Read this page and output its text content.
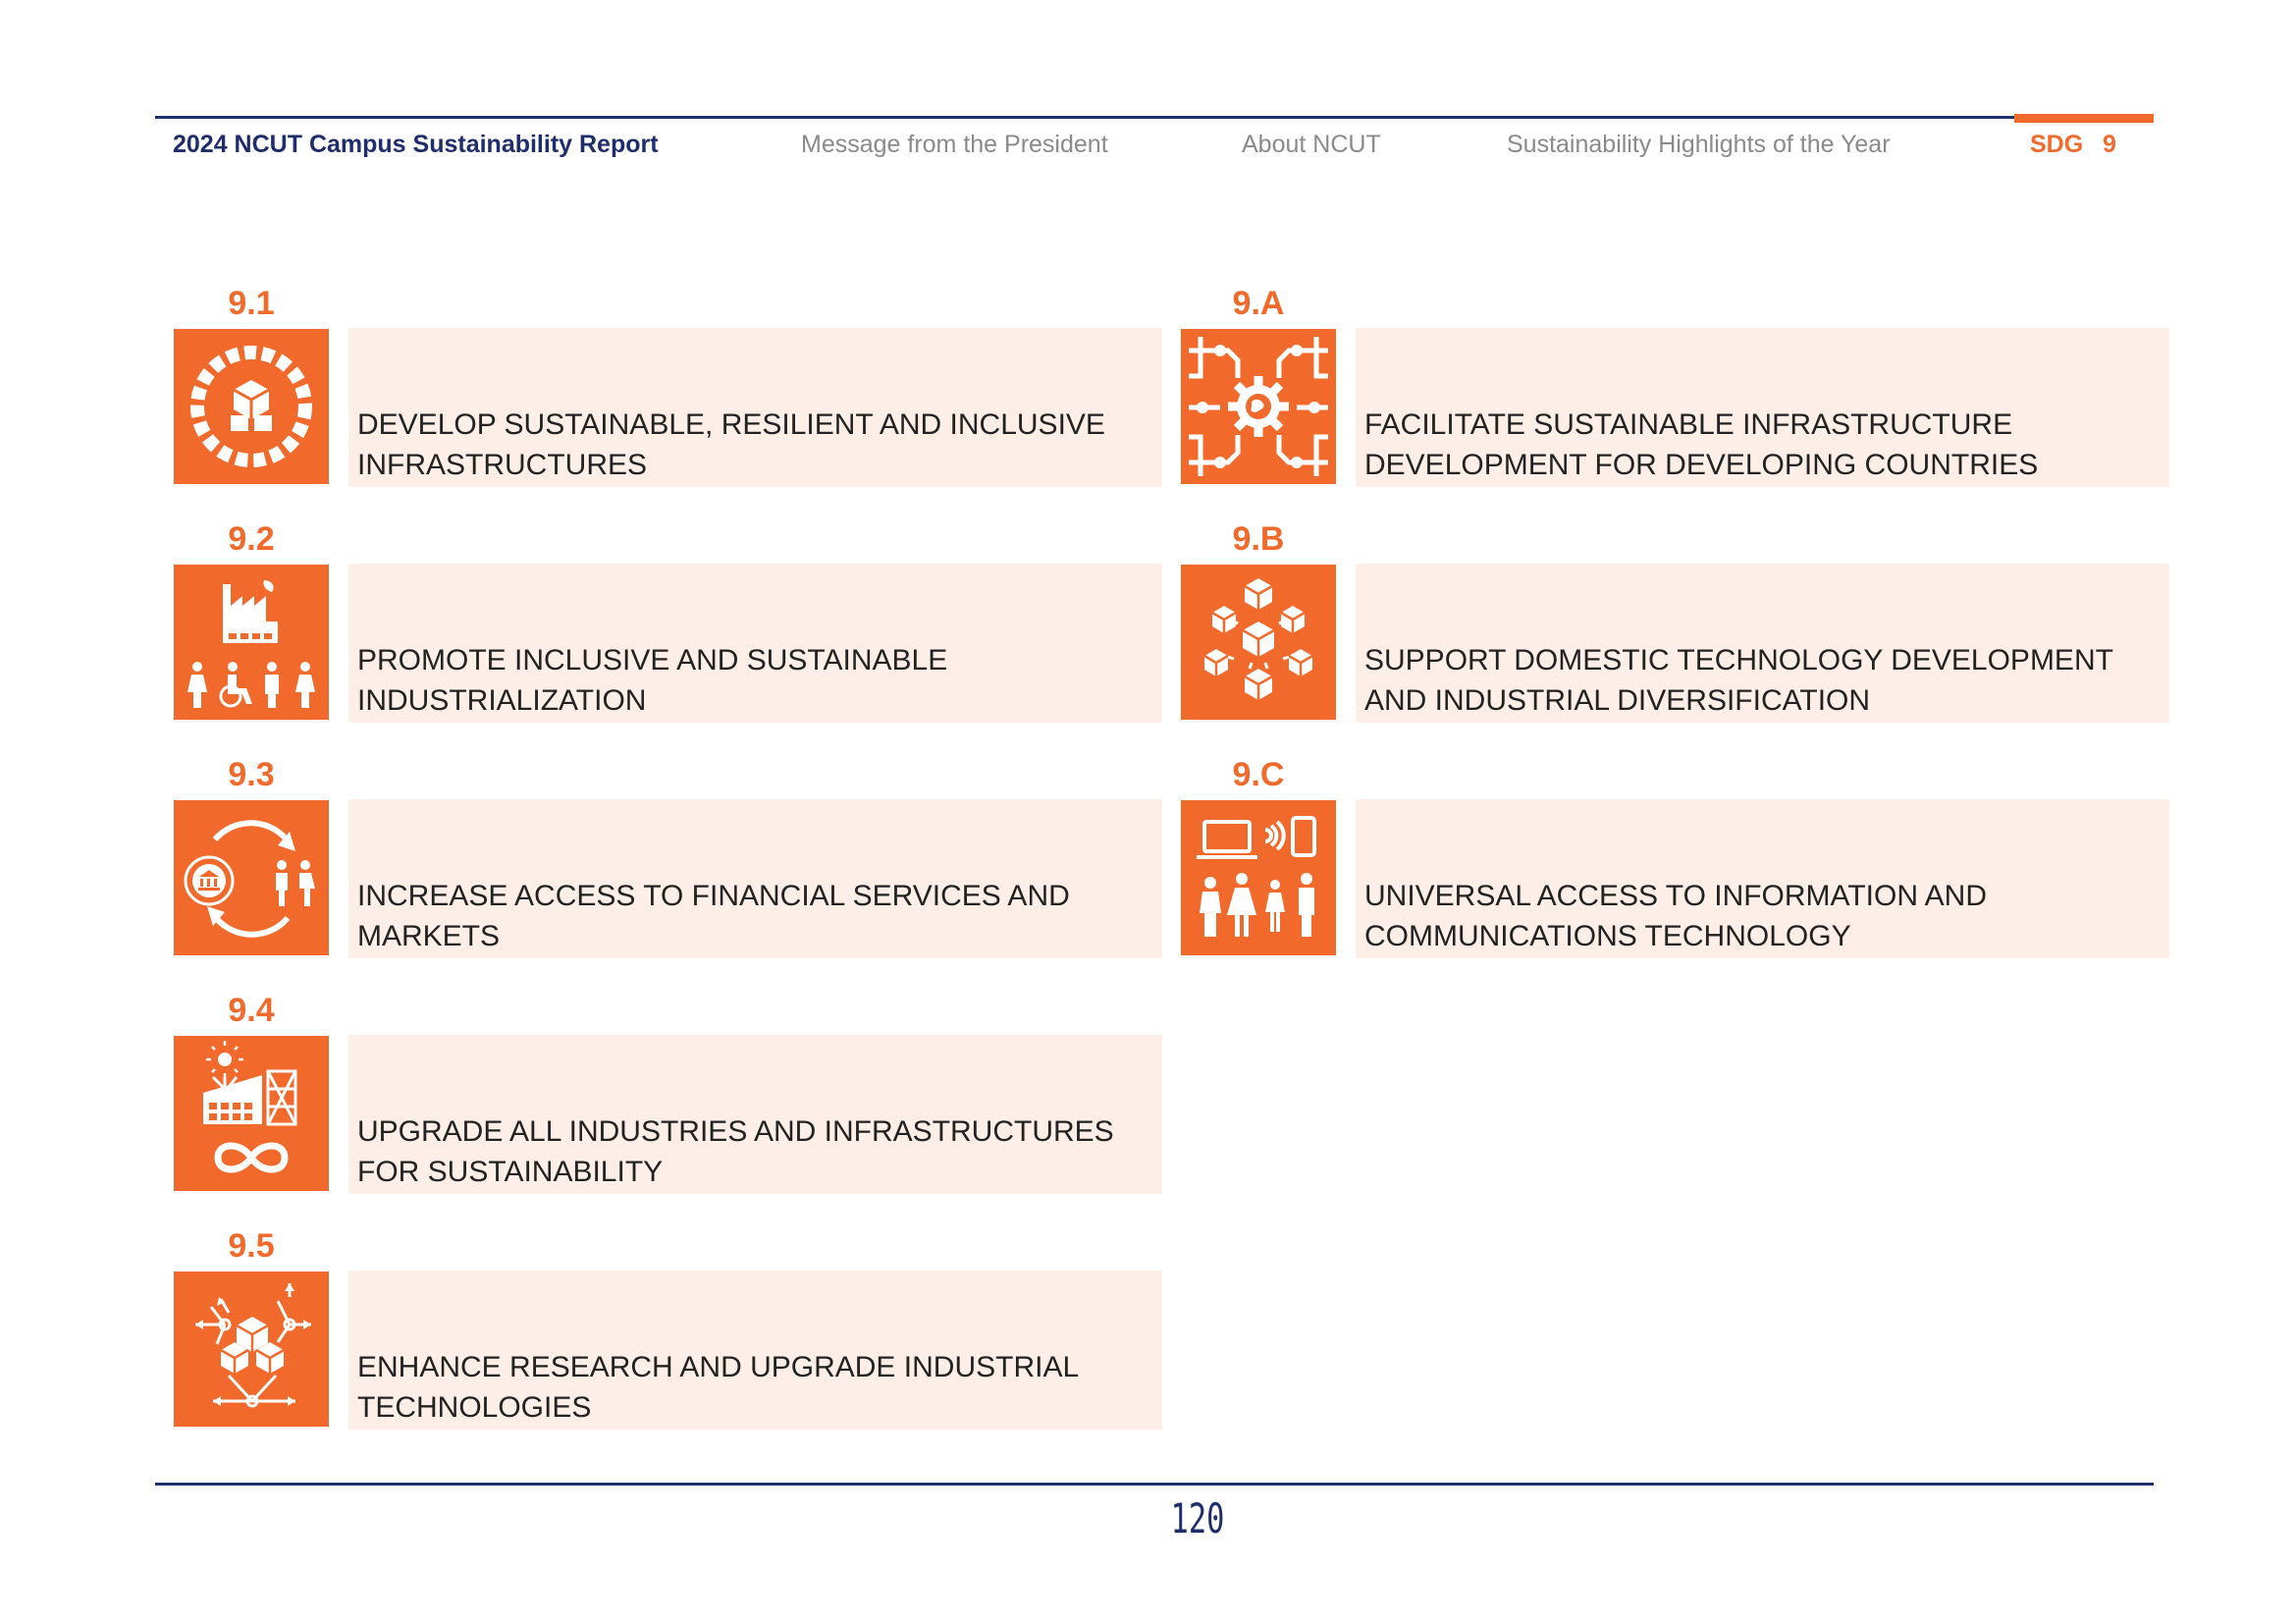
2024 NCUT Campus Sustainability Report	Message from the President	About NCUT	Sustainability Highlights of the Year	SDG 9
9.1
DEVELOP SUSTAINABLE, RESILIENT AND INCLUSIVE INFRASTRUCTURES
9.2
PROMOTE INCLUSIVE AND SUSTAINABLE INDUSTRIALIZATION
9.3
INCREASE ACCESS TO FINANCIAL SERVICES AND MARKETS
9.4
UPGRADE ALL INDUSTRIES AND INFRASTRUCTURES FOR SUSTAINABILITY
9.5
ENHANCE RESEARCH AND UPGRADE INDUSTRIAL TECHNOLOGIES
9.A
FACILITATE SUSTAINABLE INFRASTRUCTURE DEVELOPMENT FOR DEVELOPING COUNTRIES
9.B
SUPPORT DOMESTIC TECHNOLOGY DEVELOPMENT AND INDUSTRIAL DIVERSIFICATION
9.C
UNIVERSAL ACCESS TO INFORMATION AND COMMUNICATIONS TECHNOLOGY
120
